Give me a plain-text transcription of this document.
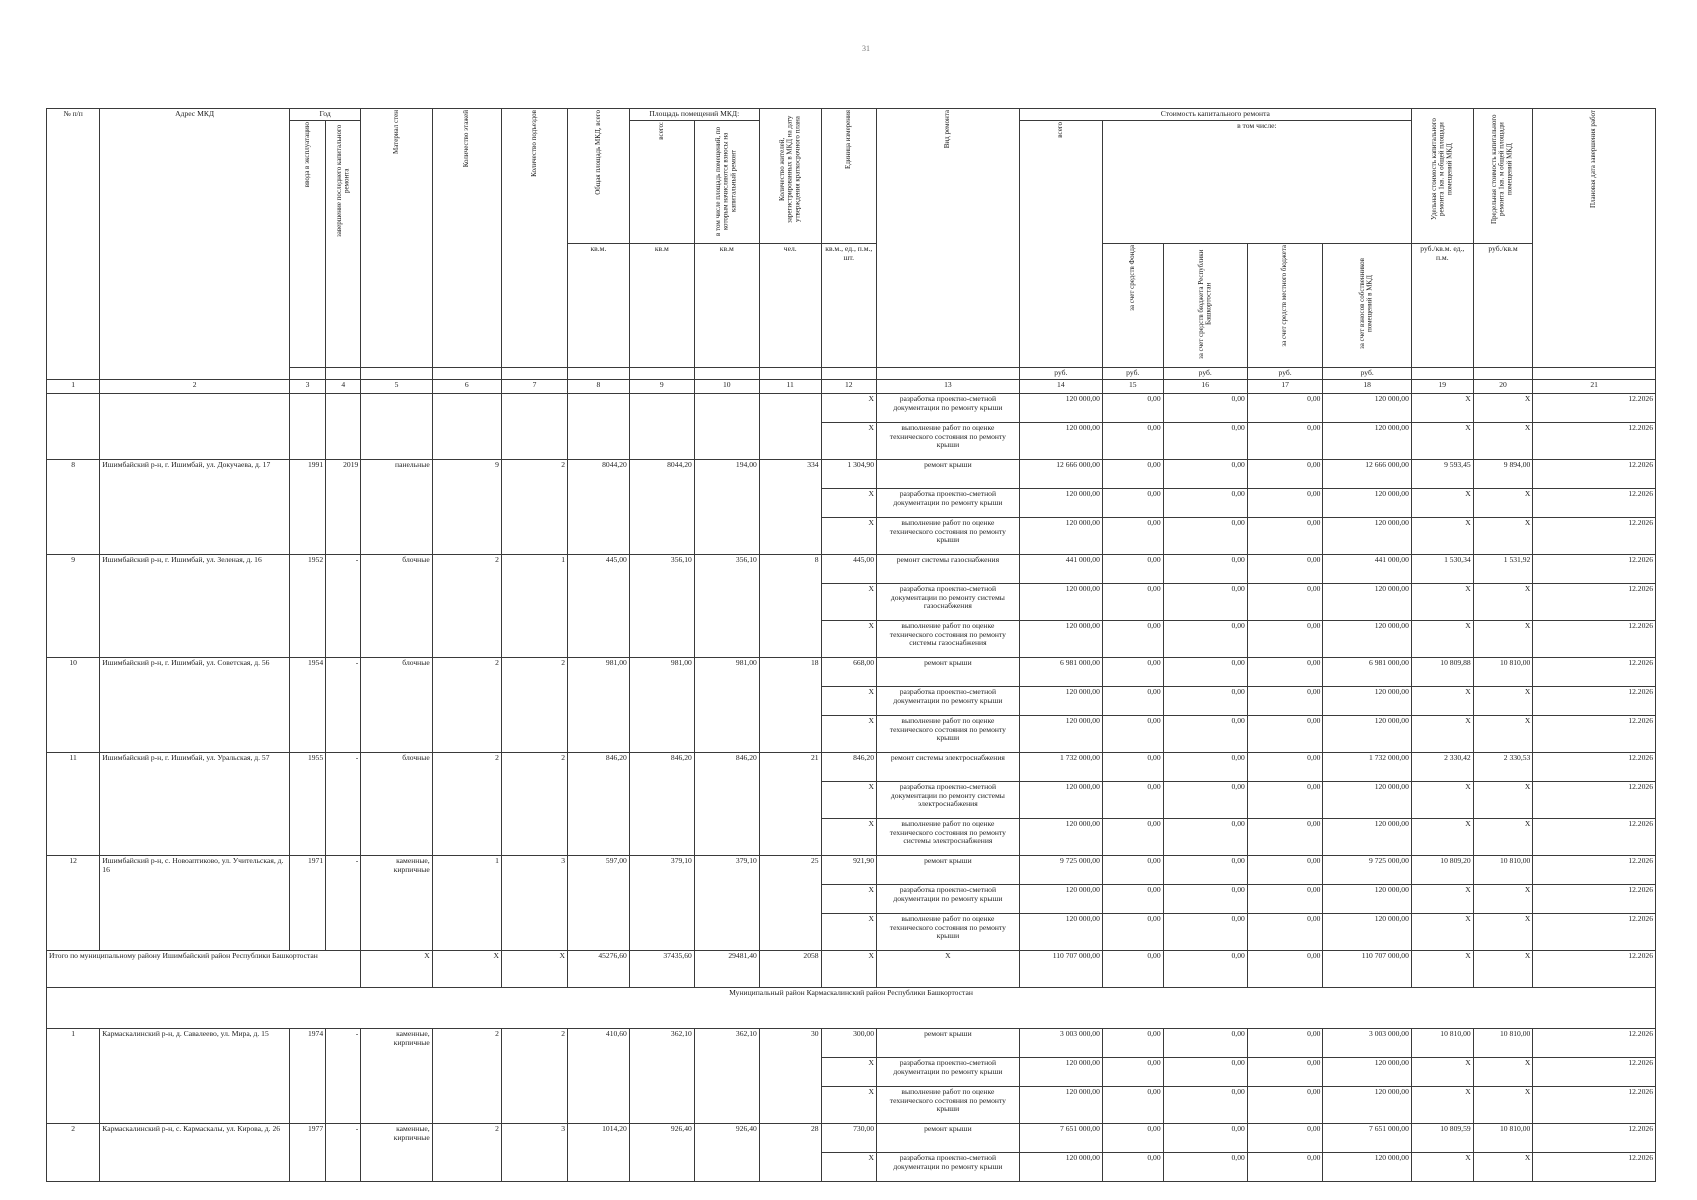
31
№ п/п	Адрес МКД	Год		Материал стен	Количество этажей	Количество подъездов	Общая площадь МКД, всего	Площадь помещений МКД:		Количество жителей, зарегистрированных в МКД на дату утверждения краткосрочного плана	Единица измерения	Вид ремонта	Стоимость капитального ремонта					Удельная стоимость капитального ремонта 1кв. м общей площади помещений МКД	Предельная стоимость капитального ремонта 1кв. м общей площади помещений МКД	Плановая дата завершения работ
		ввода в эксплуатацию	завершение последнего капитального ремонта					всего:	в том числе площадь помещений, по которым начисляются взносы на капитальный ремонт				всего	в том числе:						
							кв.м.	кв.м	кв.м	чел.	кв.м., ед., п.м., шт.			за счет средств Фонда	за счет средств бюджета Республики Башкортостан	за счет средств местного бюджета	за счет взносов собственников помещений в МКД	руб./кв.м. ед., п.м.	руб./кв.м	
													руб.	руб.	руб.	руб.	руб.			
1	2	3	4	5	6	7	8	9	10	11	12	13	14	15	16	17	18	19	20	21
											X	разработка проектно-сметной документации по ремонту крыши	120 000,00	0,00	0,00	0,00	120 000,00	X	X	12.2026
											X	выполнение работ по оценке технического состояния по ремонту крыши	120 000,00	0,00	0,00	0,00	120 000,00	X	X	12.2026
8	Ишимбайский р-н, г. Ишимбай, ул. Докучаева, д. 17	1991	2019	панельные	9	2	8044,20	8044,20	194,00	334	1 304,90	ремонт крыши	12 666 000,00	0,00	0,00	0,00	12 666 000,00	9 593,45	9 894,00	12.2026
											X	разработка проектно-сметной документации по ремонту крыши	120 000,00	0,00	0,00	0,00	120 000,00	X	X	12.2026
											X	выполнение работ по оценке технического состояния по ремонту крыши	120 000,00	0,00	0,00	0,00	120 000,00	X	X	12.2026
9	Ишимбайский р-н, г. Ишимбай, ул. Зеленая, д. 16	1952	-	блочные	2	1	445,00	356,10	356,10	8	445,00	ремонт системы газоснабжения	441 000,00	0,00	0,00	0,00	441 000,00	1 530,34	1 531,92	12.2026
											X	разработка проектно-сметной документации по ремонту системы газоснабжения	120 000,00	0,00	0,00	0,00	120 000,00	X	X	12.2026
											X	выполнение работ по оценке технического состояния по ремонту системы газоснабжения	120 000,00	0,00	0,00	0,00	120 000,00	X	X	12.2026
10	Ишимбайский р-н, г. Ишимбай, ул. Советская, д. 56	1954	-	блочные	2	2	981,00	981,00	981,00	18	668,00	ремонт крыши	6 981 000,00	0,00	0,00	0,00	6 981 000,00	10 809,88	10 810,00	12.2026
											X	разработка проектно-сметной документации по ремонту крыши	120 000,00	0,00	0,00	0,00	120 000,00	X	X	12.2026
											X	выполнение работ по оценке технического состояния по ремонту крыши	120 000,00	0,00	0,00	0,00	120 000,00	X	X	12.2026
11	Ишимбайский р-н, г. Ишимбай, ул. Уральская, д. 57	1955	-	блочные	2	2	846,20	846,20	846,20	21	846,20	ремонт системы электроснабжения	1 732 000,00	0,00	0,00	0,00	1 732 000,00	2 330,42	2 330,53	12.2026
											X	разработка проектно-сметной документации по ремонту системы электроснабжения	120 000,00	0,00	0,00	0,00	120 000,00	X	X	12.2026
											X	выполнение работ по оценке технического состояния по ремонту системы электроснабжения	120 000,00	0,00	0,00	0,00	120 000,00	X	X	12.2026
12	Ишимбайский р-н, с. Новоаптиково, ул. Учительская, д. 16	1971	-	каменные, кирпичные	1	3	597,00	379,10	379,10	25	921,90	ремонт крыши	9 725 000,00	0,00	0,00	0,00	9 725 000,00	10 809,20	10 810,00	12.2026
											X	разработка проектно-сметной документации по ремонту крыши	120 000,00	0,00	0,00	0,00	120 000,00	X	X	12.2026
											X	выполнение работ по оценке технического состояния по ремонту крыши	120 000,00	0,00	0,00	0,00	120 000,00	X	X	12.2026
Итого по муниципальному району Ишимбайский район Республики Башкортостан				X	X	X	45276,60	37435,60	29481,40	2058	X	X	110 707 000,00	0,00	0,00	0,00	110 707 000,00	X	X	12.2026
Муниципальный район Кармаскалинский район Республики Башкортостан																				
1	Кармаскалинский р-н, д. Савалеево, ул. Мира, д. 15	1974	-	каменные, кирпичные	2	2	410,60	362,10	362,10	30	300,00	ремонт крыши	3 003 000,00	0,00	0,00	0,00	3 003 000,00	10 810,00	10 810,00	12.2026
											X	разработка проектно-сметной документации по ремонту крыши	120 000,00	0,00	0,00	0,00	120 000,00	X	X	12.2026
											X	выполнение работ по оценке технического состояния по ремонту крыши	120 000,00	0,00	0,00	0,00	120 000,00	X	X	12.2026
2	Кармаскалинский р-н, с. Кармаскалы, ул. Кирова, д. 26	1977	-	каменные, кирпичные	2	3	1014,20	926,40	926,40	28	730,00	ремонт крыши	7 651 000,00	0,00	0,00	0,00	7 651 000,00	10 809,59	10 810,00	12.2026
											X	разработка проектно-сметной документации по ремонту крыши	120 000,00	0,00	0,00	0,00	120 000,00	X	X	12.2026
